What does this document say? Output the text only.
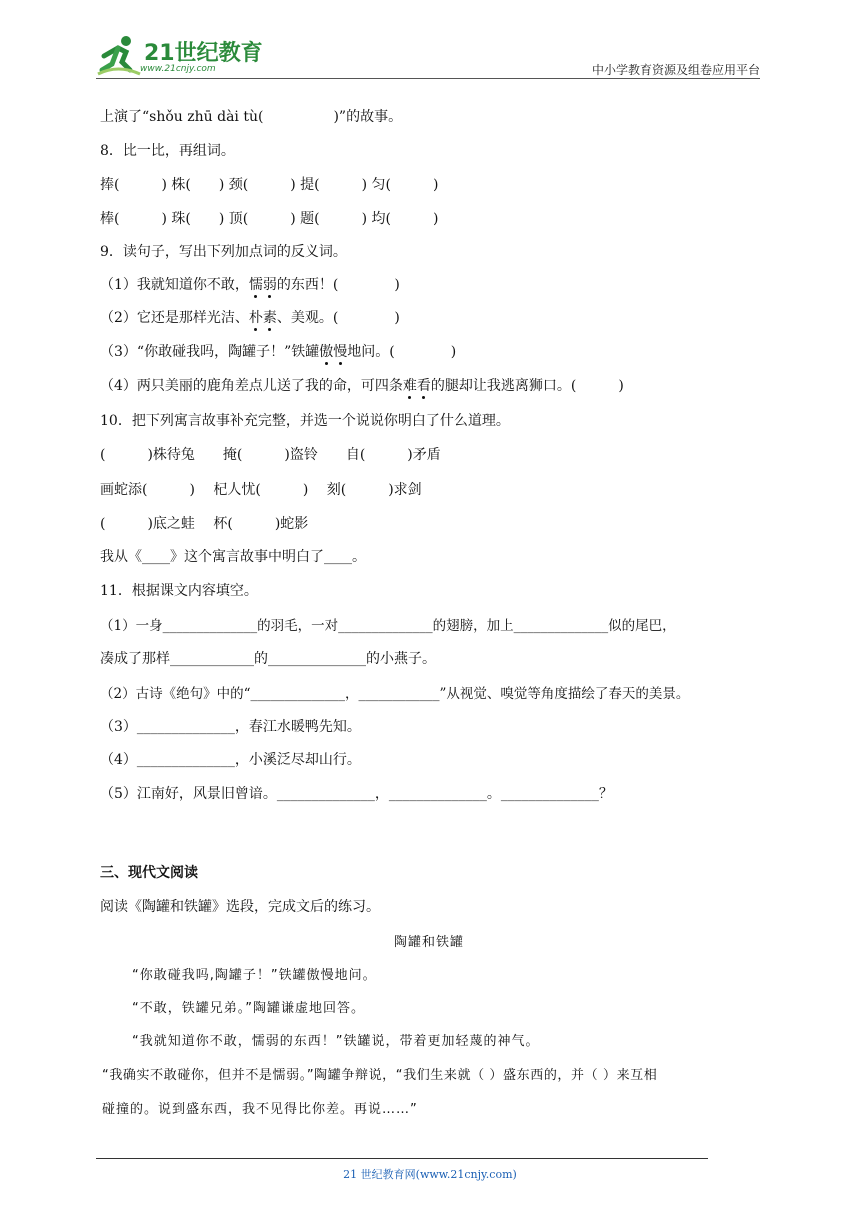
21世纪教育
www.21cnjy.com	中小学教育资源及组卷应用平台
上演了“shǒu zhū dài tù(　　　　　)”的故事。
8．比一比，再组词。
捧(　　　) 株(　　) 颈(　　　) 提(　　　) 匀(　　　)
棒(　　　) 珠(　　) 顶(　　　) 题(　　　) 均(　　　)
9．读句子，写出下列加点词的反义词。
（1）我就知道你不敢，懦弱的东西！(　　　　)
（2）它还是那样光洁、朴素、美观。(　　　　)
（3）“你敢碰我吗，陶罐子！”铁罐傲慢地问。(　　　　)
（4）两只美丽的鹿角差点儿送了我的命，可四条难看的腿却让我逃离狮口。(　　　)
10．把下列寓言故事补充完整，并选一个说说你明白了什么道理。
(　　　)株待兔　　掩(　　　)盗铃　　自(　　　)矛盾
画蛇添(　　　)　 杞人忧(　　　)　 刻(　　　)求剑
(　　　)底之蛙　 杯(　　　)蛇影
我从《____》这个寓言故事中明白了____。
11．根据课文内容填空。
（1）一身______________的羽毛，一对______________的翅膀，加上______________似的尾巴，
凑成了那样____________的______________的小燕子。
（2）古诗《绝句》中的“______________，____________”从视觉、嗅觉等角度描绘了春天的美景。
（3）______________，春江水暖鸭先知。
（4）______________，小溪泛尽却山行。
（5）江南好，风景旧曾谙。______________，______________。______________？
三、现代文阅读
阅读《陶罐和铁罐》选段，完成文后的练习。
陶罐和铁罐
“你敢碰我吗,陶罐子！”铁罐傲慢地问。
“不敢，铁罐兄弟。”陶罐谦虚地回答。
“我就知道你不敢，懦弱的东西！”铁罐说，带着更加轻蔑的神气。
“我确实不敢碰你，但并不是懦弱。”陶罐争辩说，“我们生来就（ ）盛东西的，并（ ）来互相
碰撞的。说到盛东西，我不见得比你差。再说……”
21 世纪教育网(www.21cnjy.com)
